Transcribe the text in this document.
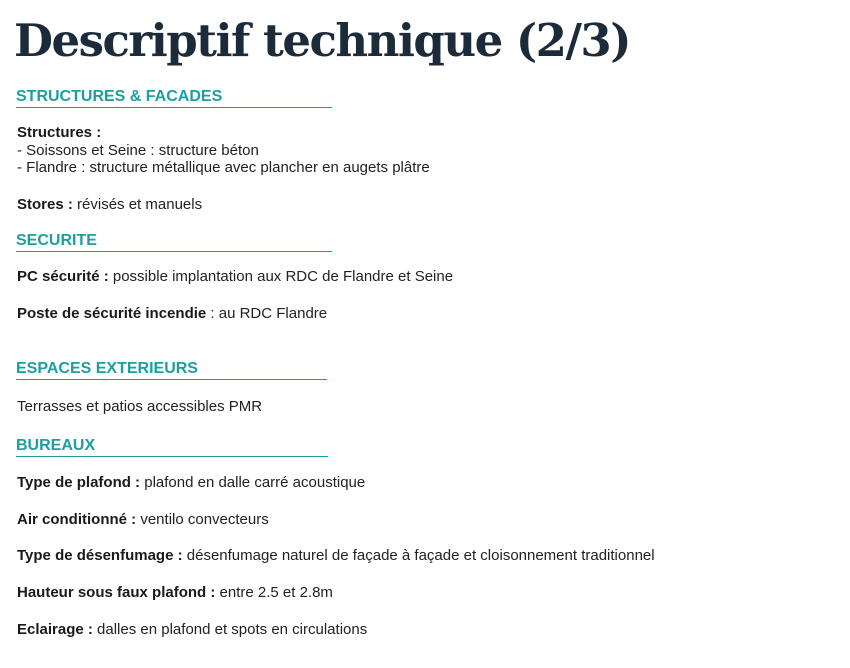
Descriptif technique (2/3)
STRUCTURES & FACADES
Structures :
- Soissons et Seine : structure béton
- Flandre : structure métallique avec plancher en augets plâtre
Stores : révisés et manuels
SECURITE
PC sécurité : possible implantation aux RDC de Flandre et Seine
Poste de sécurité incendie : au RDC Flandre
ESPACES EXTERIEURS
Terrasses et patios accessibles PMR
BUREAUX
Type de plafond : plafond en dalle carré acoustique
Air conditionné : ventilo convecteurs
Type de désenfumage : désenfumage naturel de façade à façade et cloisonnement traditionnel
Hauteur sous faux plafond : entre 2.5 et 2.8m
Eclairage : dalles en plafond et spots en circulations
